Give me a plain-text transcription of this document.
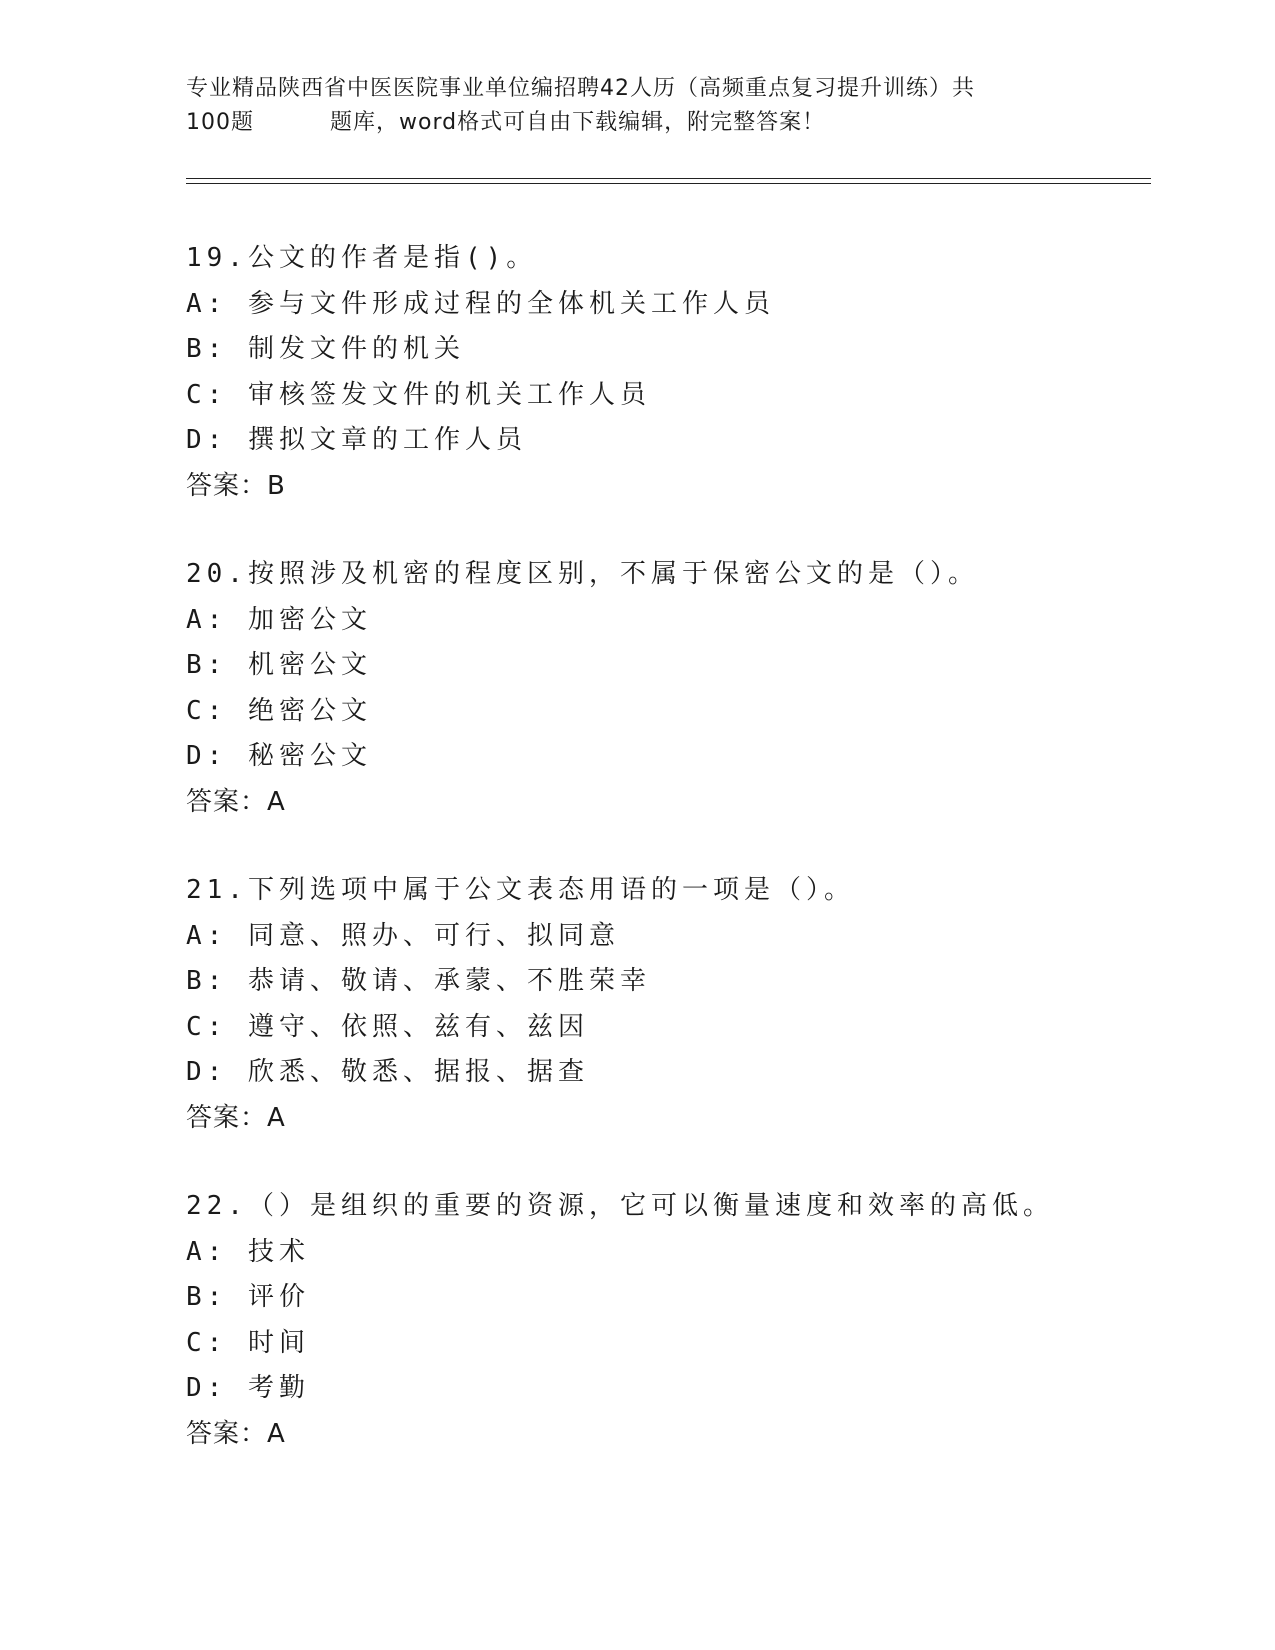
专业精品陕西省中医医院事业单位编招聘42人历（高频重点复习提升训练）共
100题	题库，word格式可自由下载编辑，附完整答案！
19.公文的作者是指()。
A: 参与文件形成过程的全体机关工作人员
B: 制发文件的机关
C: 审核签发文件的机关工作人员
D: 撰拟文章的工作人员
答案：B
20.按照涉及机密的程度区别，不属于保密公文的是（）。
A: 加密公文
B: 机密公文
C: 绝密公文
D: 秘密公文
答案：A
21.下列选项中属于公文表态用语的一项是（）。
A: 同意、照办、可行、拟同意
B: 恭请、敬请、承蒙、不胜荣幸
C: 遵守、依照、兹有、兹因
D: 欣悉、敬悉、据报、据查
答案：A
22.（）是组织的重要的资源，它可以衡量速度和效率的高低。
A: 技术
B: 评价
C: 时间
D: 考勤
答案：A
